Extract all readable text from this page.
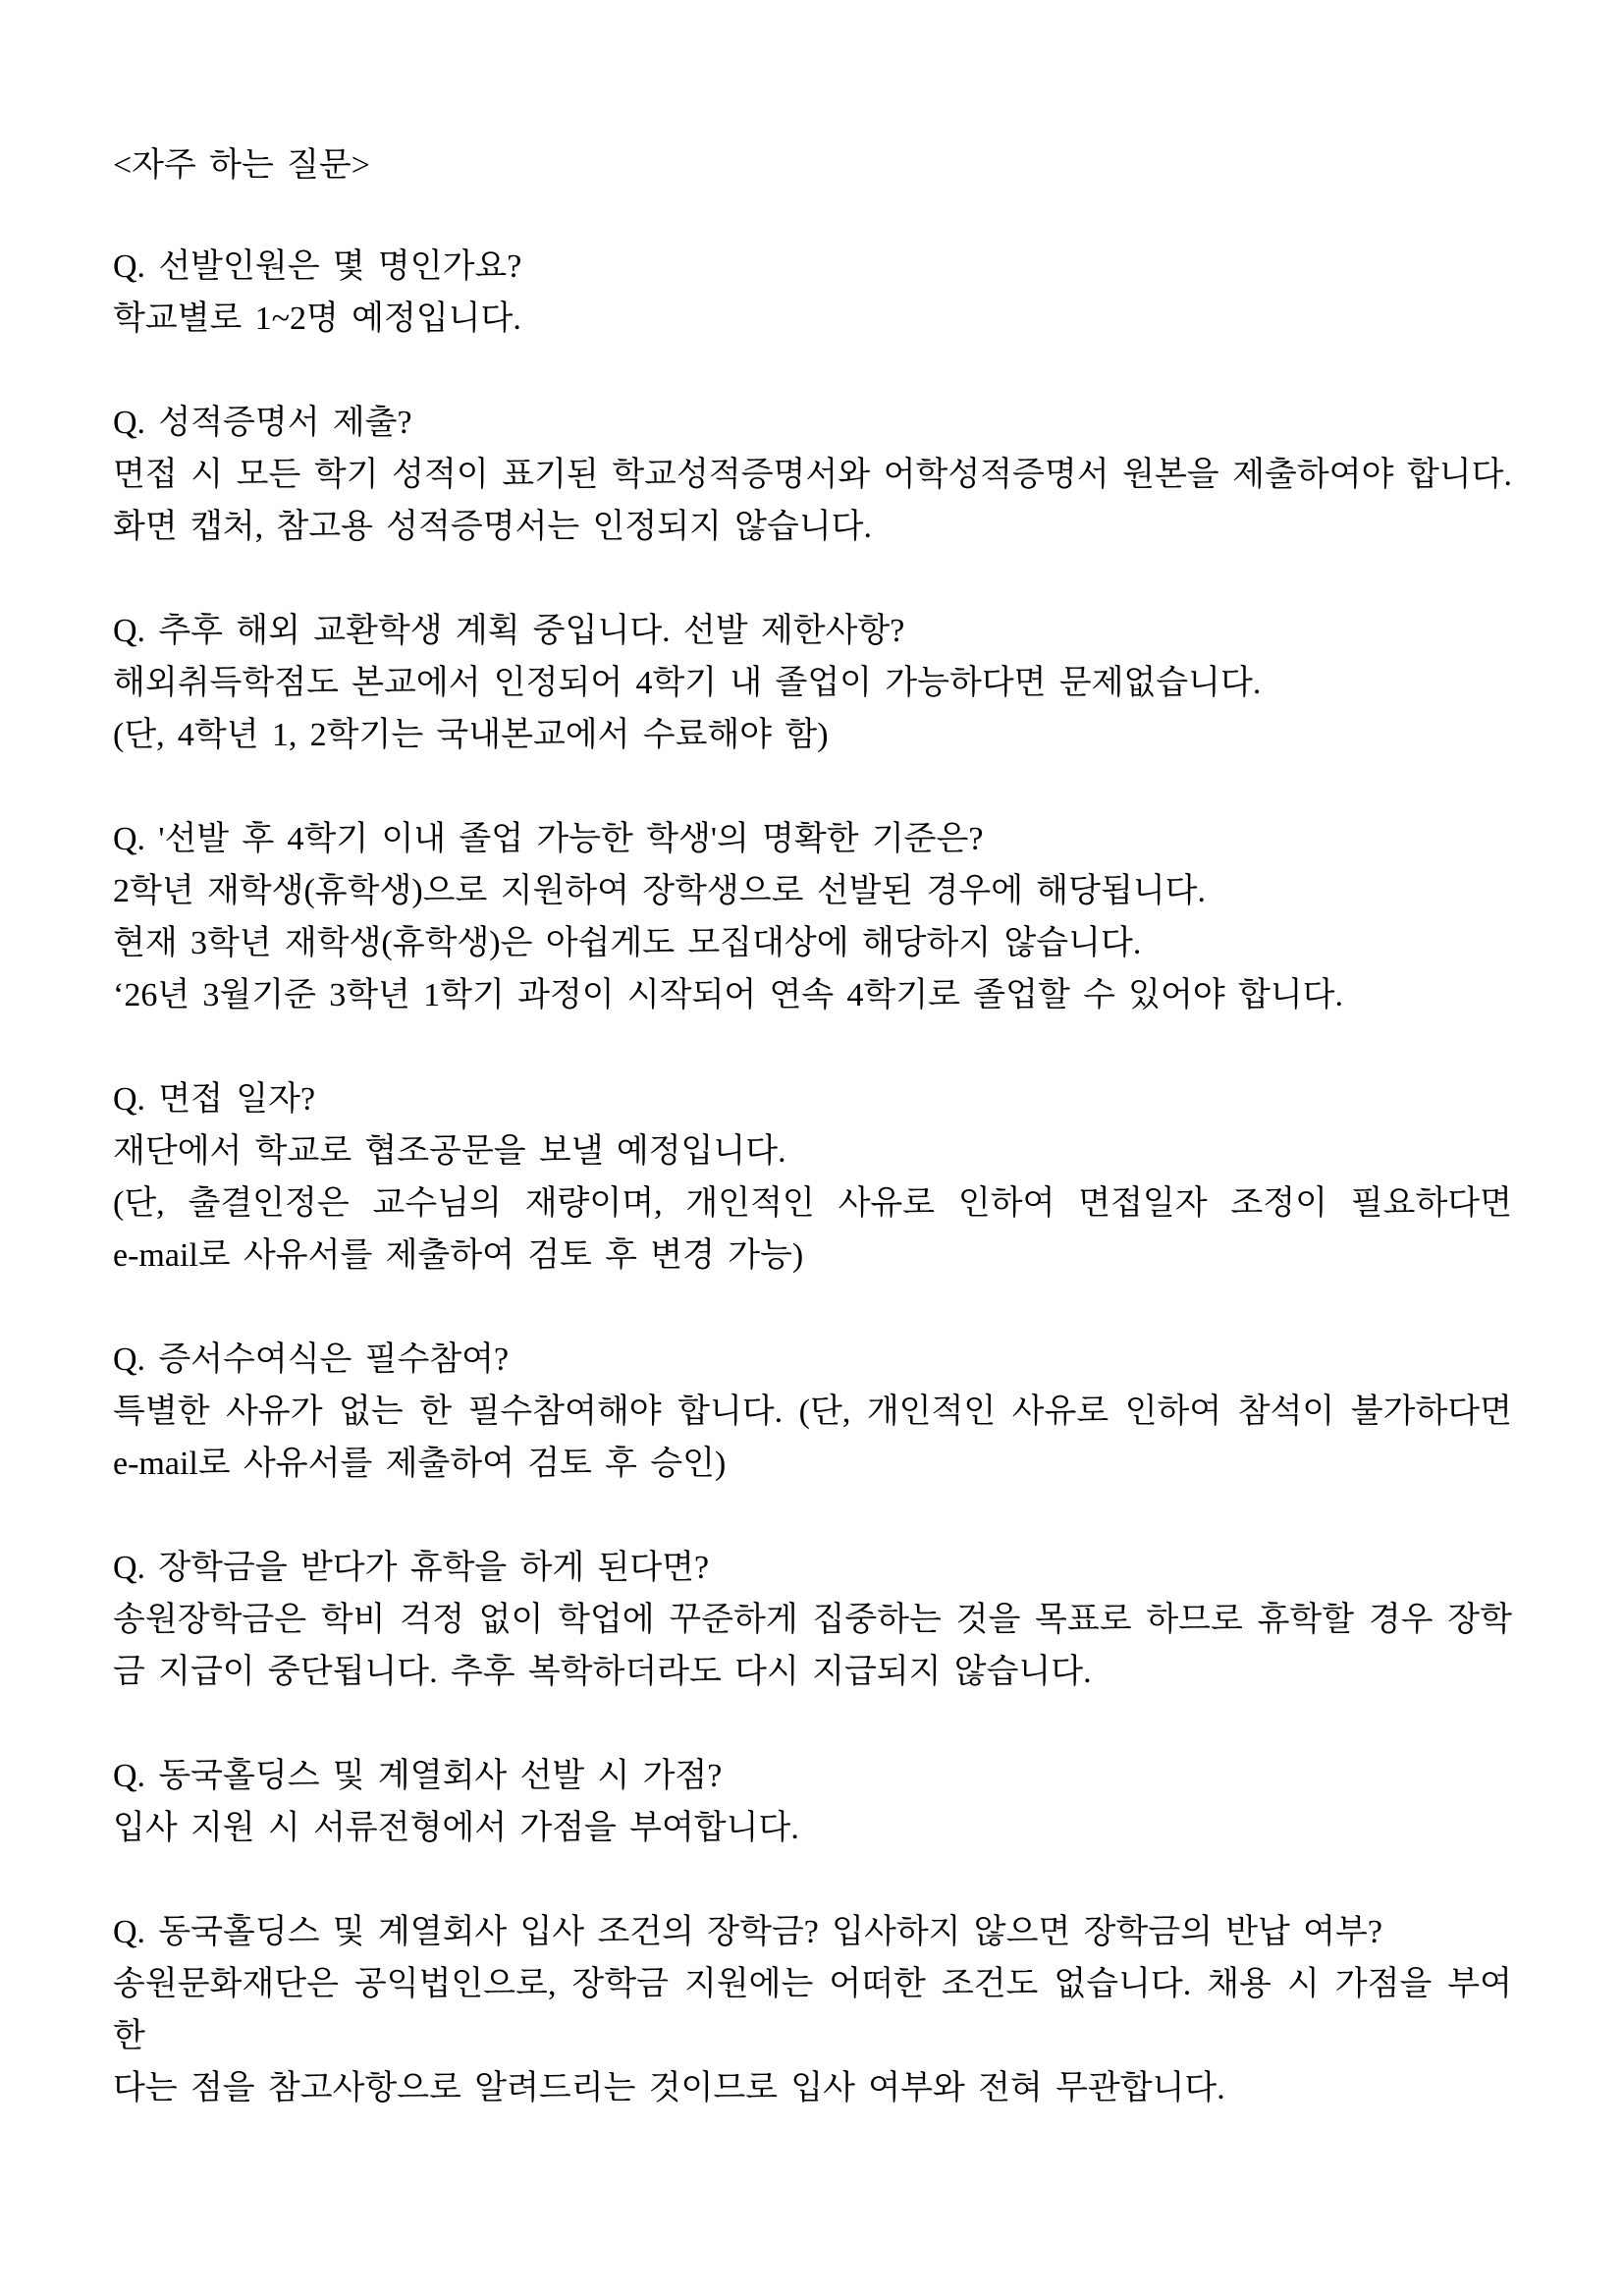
<자주 하는 질문>
Q. 선발인원은 몇 명인가요?
학교별로 1~2명 예정입니다.
Q. 성적증명서 제출?
면접 시 모든 학기 성적이 표기된 학교성적증명서와 어학성적증명서 원본을 제출하여야 합니다.
화면 캡처, 참고용 성적증명서는 인정되지 않습니다.
Q. 추후 해외 교환학생 계획 중입니다. 선발 제한사항?
해외취득학점도 본교에서 인정되어 4학기 내 졸업이 가능하다면 문제없습니다.
(단, 4학년 1, 2학기는 국내본교에서 수료해야 함)
Q. '선발 후 4학기 이내 졸업 가능한 학생'의 명확한 기준은?
2학년 재학생(휴학생)으로 지원하여 장학생으로 선발된 경우에 해당됩니다.
현재 3학년 재학생(휴학생)은 아쉽게도 모집대상에 해당하지 않습니다.
‘26년 3월기준 3학년 1학기 과정이 시작되어 연속 4학기로 졸업할 수 있어야 합니다.
Q. 면접 일자?
재단에서 학교로 협조공문을 보낼 예정입니다.
(단, 출결인정은 교수님의 재량이며, 개인적인 사유로 인하여 면접일자 조정이 필요하다면
e-mail로 사유서를 제출하여 검토 후 변경 가능)
Q. 증서수여식은 필수참여?
특별한 사유가 없는 한 필수참여해야 합니다. (단, 개인적인 사유로 인하여 참석이 불가하다면
e-mail로 사유서를 제출하여 검토 후 승인)
Q. 장학금을 받다가 휴학을 하게 된다면?
송원장학금은 학비 걱정 없이 학업에 꾸준하게 집중하는 것을 목표로 하므로 휴학할 경우 장학
금 지급이 중단됩니다. 추후 복학하더라도 다시 지급되지 않습니다.
Q. 동국홀딩스 및 계열회사 선발 시 가점?
입사 지원 시 서류전형에서 가점을 부여합니다.
Q. 동국홀딩스 및 계열회사 입사 조건의 장학금? 입사하지 않으면 장학금의 반납 여부?
송원문화재단은 공익법인으로, 장학금 지원에는 어떠한 조건도 없습니다. 채용 시 가점을 부여한
다는 점을 참고사항으로 알려드리는 것이므로 입사 여부와 전혀 무관합니다.
